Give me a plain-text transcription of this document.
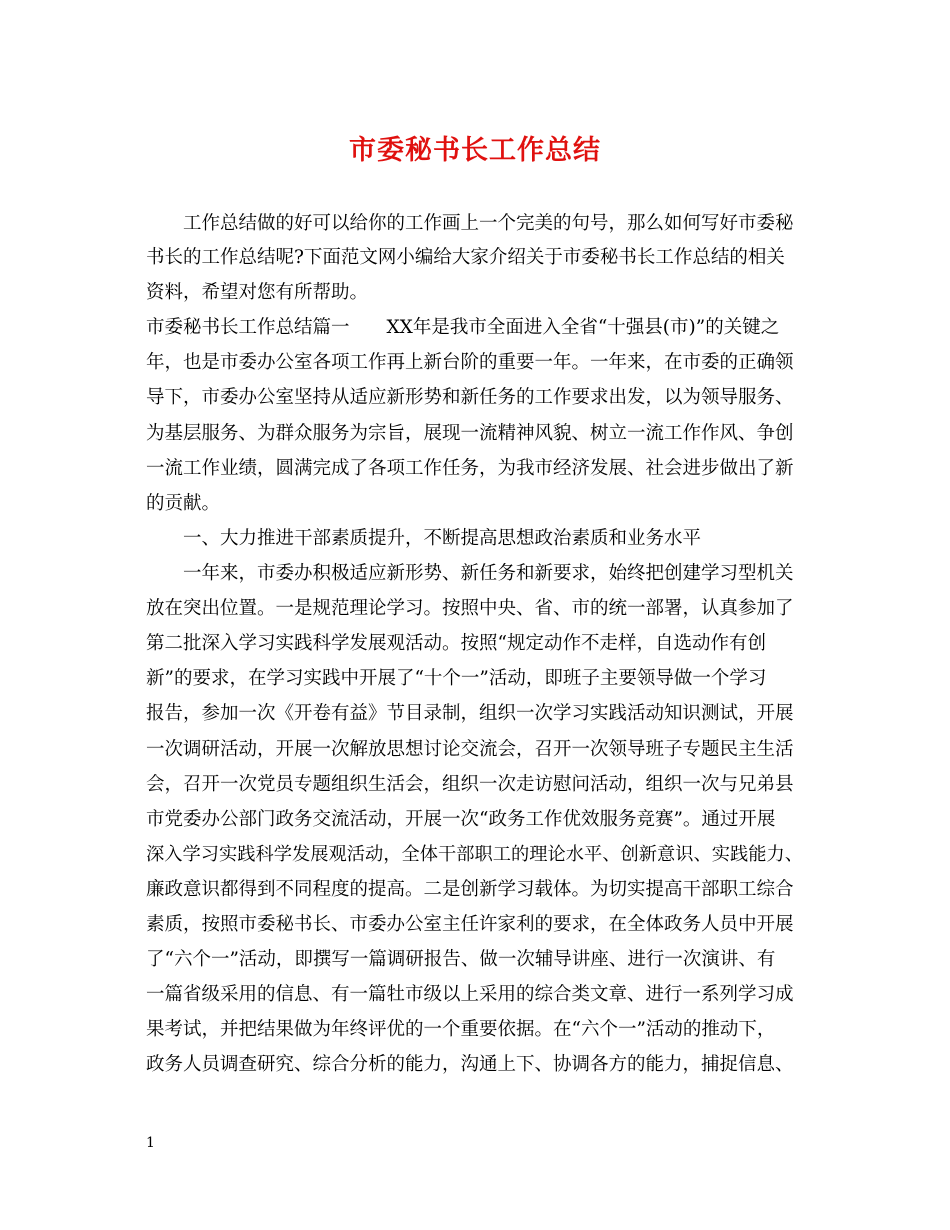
市委秘书长工作总结
　　工作总结做的好可以给你的工作画上一个完美的句号，那么如何写好市委秘
书长的工作总结呢?下面范文网小编给大家介绍关于市委秘书长工作总结的相关
资料，希望对您有所帮助。
市委秘书长工作总结篇一　　XX年是我市全面进入全省“十强县(市)”的关键之
年，也是市委办公室各项工作再上新台阶的重要一年。一年来，在市委的正确领
导下，市委办公室坚持从适应新形势和新任务的工作要求出发，以为领导服务、
为基层服务、为群众服务为宗旨，展现一流精神风貌、树立一流工作作风、争创
一流工作业绩，圆满完成了各项工作任务，为我市经济发展、社会进步做出了新
的贡献。
　　一、大力推进干部素质提升，不断提高思想政治素质和业务水平
　　一年来，市委办积极适应新形势、新任务和新要求，始终把创建学习型机关
放在突出位置。一是规范理论学习。按照中央、省、市的统一部署，认真参加了
第二批深入学习实践科学发展观活动。按照“规定动作不走样，自选动作有创
新”的要求，在学习实践中开展了“十个一”活动，即班子主要领导做一个学习
报告，参加一次《开卷有益》节目录制，组织一次学习实践活动知识测试，开展
一次调研活动，开展一次解放思想讨论交流会，召开一次领导班子专题民主生活
会，召开一次党员专题组织生活会，组织一次走访慰问活动，组织一次与兄弟县
市党委办公部门政务交流活动，开展一次“政务工作优效服务竞赛”。通过开展
深入学习实践科学发展观活动，全体干部职工的理论水平、创新意识、实践能力、
廉政意识都得到不同程度的提高。二是创新学习载体。为切实提高干部职工综合
素质，按照市委秘书长、市委办公室主任许家利的要求，在全体政务人员中开展
了“六个一”活动，即撰写一篇调研报告、做一次辅导讲座、进行一次演讲、有
一篇省级采用的信息、有一篇牡市级以上采用的综合类文章、进行一系列学习成
果考试，并把结果做为年终评优的一个重要依据。在“六个一”活动的推动下，
政务人员调查研究、综合分析的能力，沟通上下、协调各方的能力，捕捉信息、
1
